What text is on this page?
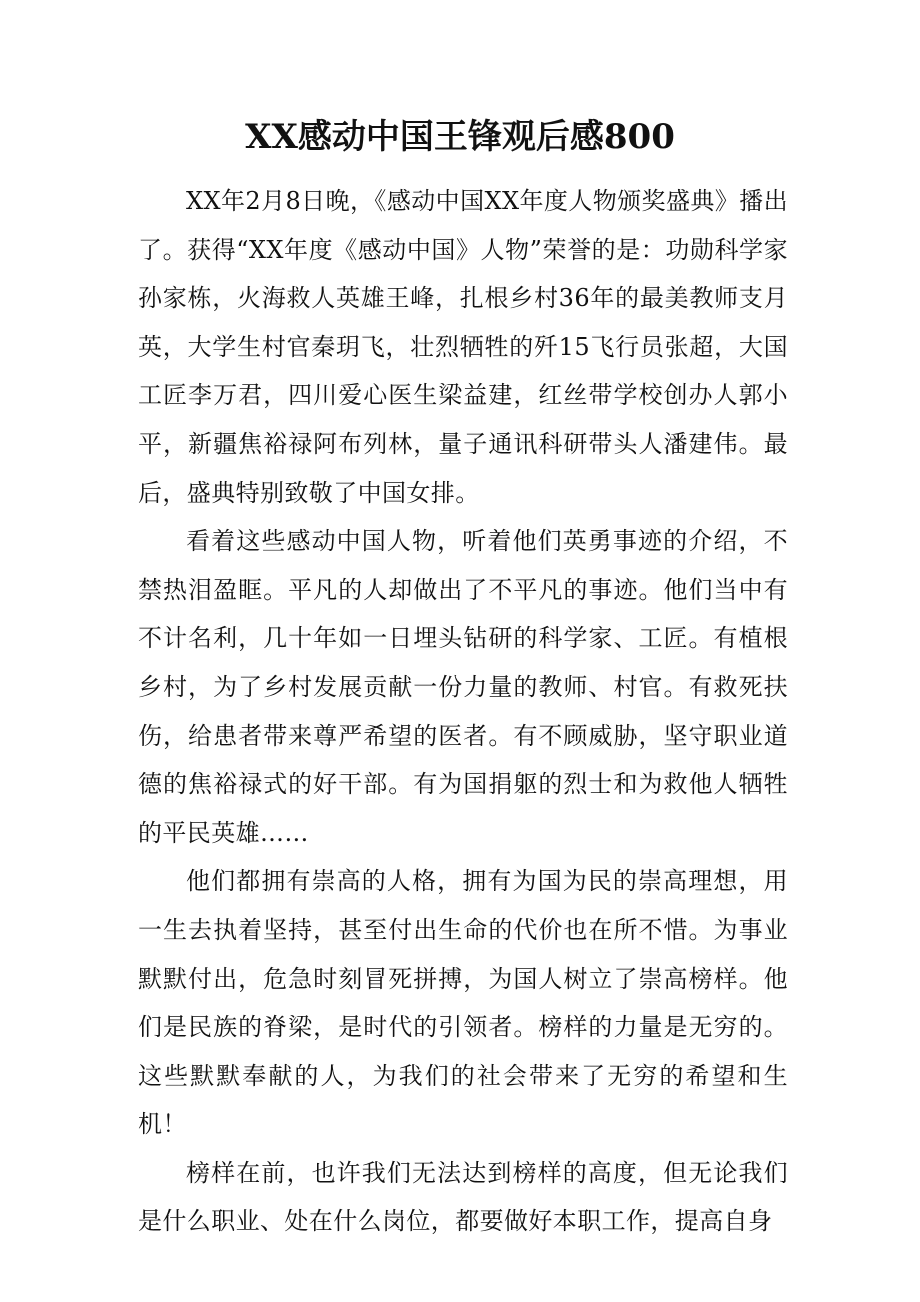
XX感动中国王锋观后感800

XX年2月8日晚，《感动中国XX年度人物颁奖盛典》播出了。获得“XX年度《感动中国》人物”荣誉的是：功勋科学家孙家栋，火海救人英雄王峰，扎根乡村36年的最美教师支月英，大学生村官秦玥飞，壮烈牺牲的歼15飞行员张超，大国工匠李万君，四川爱心医生梁益建，红丝带学校创办人郭小平，新疆焦裕禄阿布列林，量子通讯科研带头人潘建伟。最后，盛典特别致敬了中国女排。

看着这些感动中国人物，听着他们英勇事迹的介绍，不禁热泪盈眶。平凡的人却做出了不平凡的事迹。他们当中有不计名利，几十年如一日埋头钻研的科学家、工匠。有植根乡村，为了乡村发展贡献一份力量的教师、村官。有救死扶伤，给患者带来尊严希望的医者。有不顾威胁，坚守职业道德的焦裕禄式的好干部。有为国捐躯的烈士和为救他人牺牲的平民英雄……

他们都拥有崇高的人格，拥有为国为民的崇高理想，用一生去执着坚持，甚至付出生命的代价也在所不惜。为事业默默付出，危急时刻冒死拼搏，为国人树立了崇高榜样。他们是民族的脊梁，是时代的引领者。榜样的力量是无穷的。这些默默奉献的人，为我们的社会带来了无穷的希望和生机！

榜样在前，也许我们无法达到榜样的高度，但无论我们是什么职业、处在什么岗位，都要做好本职工作，提高自身
